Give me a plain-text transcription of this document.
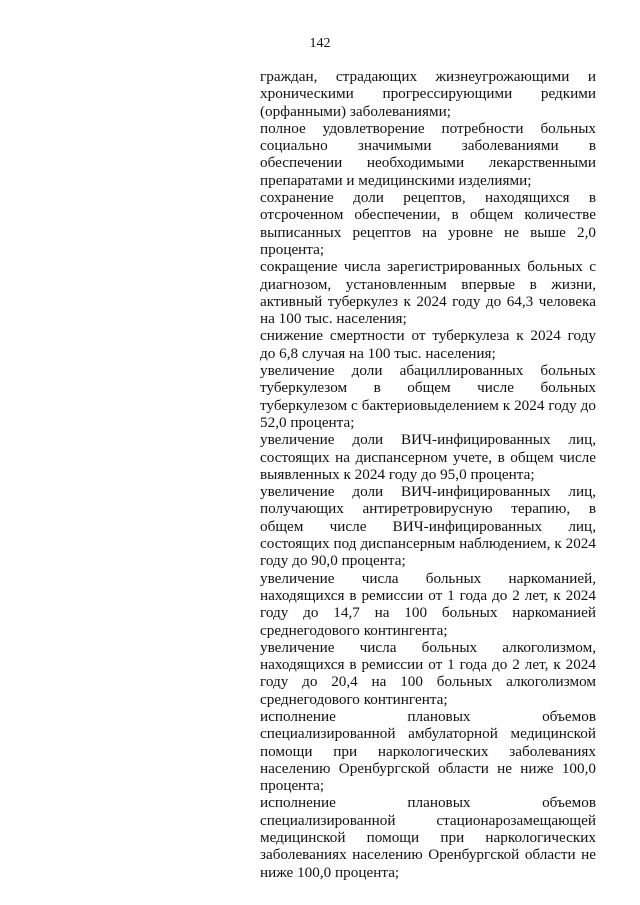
142

граждан, страдающих жизнеугрожающими и хроническими прогрессирующими редкими (орфанными) заболеваниями;

полное удовлетворение потребности больных социально значимыми заболеваниями в обеспечении необходимыми лекарственными препаратами и медицинскими изделиями;

сохранение доли рецептов, находящихся в отсроченном обеспечении, в общем количестве выписанных рецептов на уровне не выше 2,0 процента;

сокращение числа зарегистрированных больных с диагнозом, установленным впервые в жизни, активный туберкулез к 2024 году до 64,3 человека на 100 тыс. населения;

снижение смертности от туберкулеза к 2024 году до 6,8 случая на 100 тыс. населения;

увеличение доли абациллированных больных туберкулезом в общем числе больных туберкулезом с бактериовыделением к 2024 году до 52,0 процента;

увеличение доли ВИЧ-инфицированных лиц, состоящих на диспансерном учете, в общем числе выявленных к 2024 году до 95,0 процента;

увеличение доли ВИЧ-инфицированных лиц, получающих антиретровирусную терапию, в общем числе ВИЧ-инфицированных лиц, состоящих под диспансерным наблюдением, к 2024 году до 90,0 процента;

увеличение числа больных наркоманией, находящихся в ремиссии от 1 года до 2 лет, к 2024 году до 14,7 на 100 больных наркоманией среднегодового контингента;

увеличение числа больных алкоголизмом, находящихся в ремиссии от 1 года до 2 лет, к 2024 году до 20,4 на 100 больных алкоголизмом среднегодового контингента;

исполнение плановых объемов специализированной амбулаторной медицинской помощи при наркологических заболеваниях населению Оренбургской области не ниже 100,0 процента;

исполнение плановых объемов специализированной стационарозамещающей медицинской помощи при наркологических заболеваниях населению Оренбургской области не ниже 100,0 процента;
